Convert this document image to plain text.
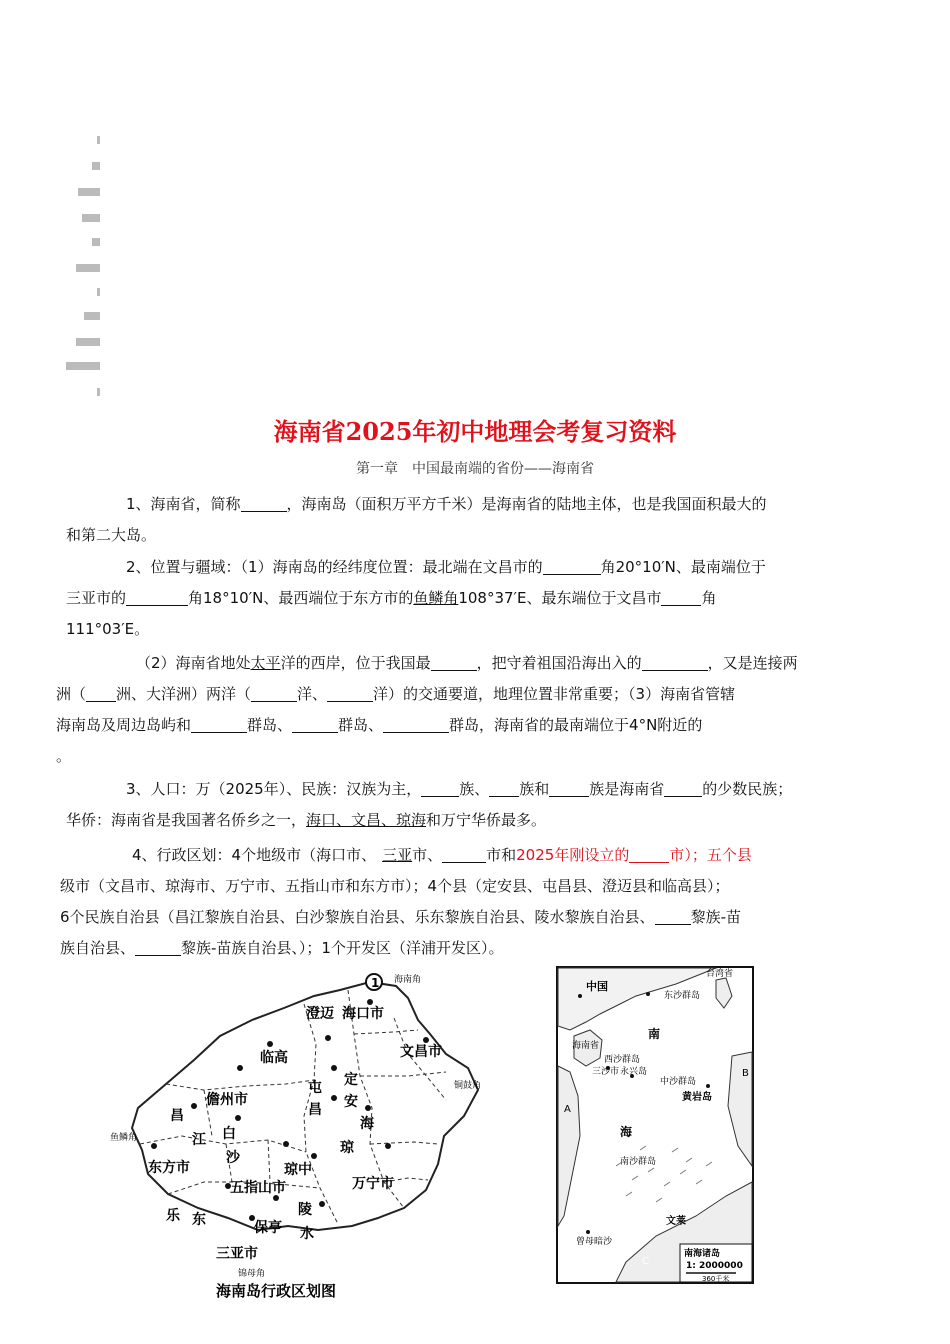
海南省2025年初中地理会考复习资料
第一章　中国最南端的省份——海南省

1、海南省，简称	，海南岛（面积万平方千米）是海南省的陆地主体，也是我国面积最大的
和第二大岛。

2、位置与疆域：（1）海南岛的经纬度位置：最北端在文昌市的	角20°10′N、最南端位于
三亚市的	角18°10′N、最西端位于东方市的鱼鳞角108°37′E、最东端位于文昌市	角
111°03′E。

（2）海南省地处太平洋的西岸，位于我国最	，把守着祖国沿海出入的	，又是连接两
洲（ 洲、大洋洲）两洋（	洋、	洋）的交通要道，地理位置非常重要；（3）海南省管辖
海南岛及周边岛屿和	群岛、	群岛、	群岛，海南省的最南端位于4°N附近的
。

3、人口：万（2025年）、民族：汉族为主，	族、 族和	族是海南省	的少数民族；
华侨：海南省是我国著名侨乡之一，海口、文昌、琼海和万宁华侨最多。

4、行政区划：4个地级市（海口市、 三亚市、	市和2025年刚设立的	市）；五个县
级市（文昌市、琼海市、万宁市、五指山市和东方市）；4个县（定安县、屯昌县、澄迈县和临高县）；
6个民族自治县（昌江黎族自治县、白沙黎族自治县、乐东黎族自治县、陵水黎族自治县、 黎族-苗
族自治县、	黎族-苗族自治县、）；1个开发区（洋浦开发区）。

1 海南角
铜鼓角
鱼鳞角
锦母角
海口市
澄迈
临高	文昌市
儋州市
定
安
屯
昌
昌
江 白
沙
海
琼
东方市
五指山市
琼中
万宁市
乐 东	保亭
陵
水
三亚市
海南岛行政区划图
中国
台湾省
东沙群岛
海南省
西沙群岛
三沙市 永兴岛
中沙群岛
南
黄岩岛
海
南沙群岛
文莱
曾母暗沙
A
B
C
南海诸岛
1: 2000000
360千米
